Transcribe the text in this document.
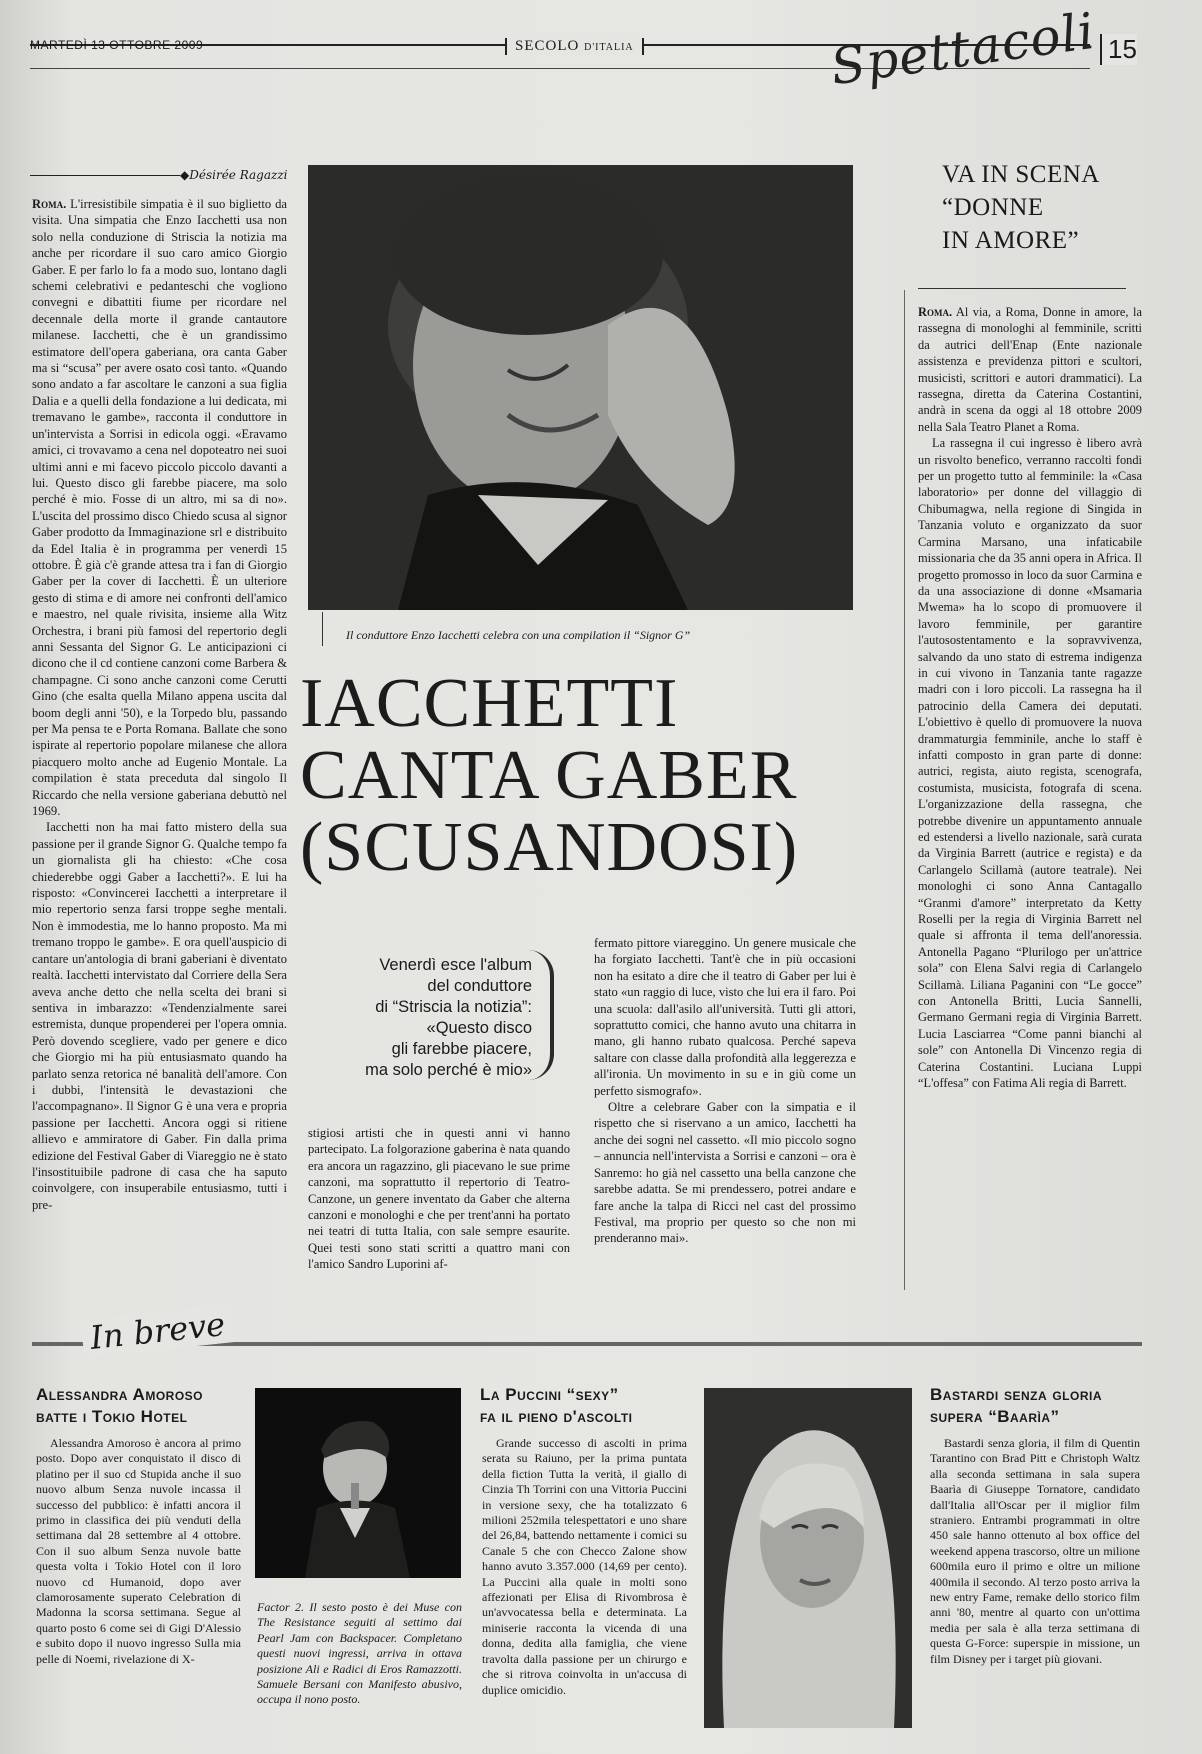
MARTEDÌ 13 OTTOBRE 2009	SECOLO D'ITALIA	Spettacoli 15
◆ Désirée Ragazzi

Roma. L'irresistibile simpatia è il suo biglietto da visita. Una simpatia che Enzo Iacchetti usa non solo nella conduzione di Striscia la notizia ma anche per ricordare il suo caro amico Giorgio Gaber. E per farlo lo fa a modo suo, lontano dagli schemi celebrativi e pedanteschi che vogliono convegni e dibattiti fiume per ricordare nel decennale della morte il grande cantautore milanese. Iacchetti, che è un grandissimo estimatore dell'opera gaberiana, ora canta Gaber ma si “scusa” per avere osato così tanto. «Quando sono andato a far ascoltare le canzoni a sua figlia Dalia e a quelli della fondazione a lui dedicata, mi tremavano le gambe», racconta il conduttore in un'intervista a Sorrisi in edicola oggi. «Eravamo amici, ci trovavamo a cena nel dopoteatro nei suoi ultimi anni e mi facevo piccolo piccolo davanti a lui. Questo disco gli farebbe piacere, ma solo perché è mio. Fosse di un altro, mi sa di no». L'uscita del prossimo disco Chiedo scusa al signor Gaber prodotto da Immaginazione srl e distribuito da Edel Italia è in programma per venerdì 15 ottobre. È già c'è grande attesa tra i fan di Giorgio Gaber per la cover di Iacchetti. È un ulteriore gesto di stima e di amore nei confronti dell'amico e maestro, nel quale rivisita, insieme alla Witz Orchestra, i brani più famosi del repertorio degli anni Sessanta del Signor G. Le anticipazioni ci dicono che il cd contiene canzoni come Barbera & champagne. Ci sono anche canzoni come Cerutti Gino (che esalta quella Milano appena uscita dal boom degli anni '50), e la Torpedo blu, passando per Ma pensa te e Porta Romana. Ballate che sono ispirate al repertorio popolare milanese che allora piacquero molto anche ad Eugenio Montale. La compilation è stata preceduta dal singolo Il Riccardo che nella versione gaberiana debuttò nel 1969.

Iacchetti non ha mai fatto mistero della sua passione per il grande Signor G. Qualche tempo fa un giornalista gli ha chiesto: «Che cosa chiederebbe oggi Gaber a Iacchetti?». E lui ha risposto: «Convincerei Iacchetti a interpretare il mio repertorio senza farsi troppe seghe mentali. Non è immodestia, me lo hanno proposto. Ma mi tremano troppo le gambe». E ora quell'auspicio di cantare un'antologia di brani gaberiani è diventato realtà. Iacchetti intervistato dal Corriere della Sera aveva anche detto che nella scelta dei brani si sentiva in imbarazzo: «Tendenzialmente sarei estremista, dunque propenderei per l'opera omnia. Però dovendo scegliere, vado per genere e dico che Giorgio mi ha più entusiasmato quando ha parlato senza retorica né banalità dell'amore. Con i dubbi, l'intensità le devastazioni che l'accompagnano». Il Signor G è una vera e propria passione per Iacchetti. Ancora oggi si ritiene allievo e ammiratore di Gaber. Fin dalla prima edizione del Festival Gaber di Viareggio ne è stato l'insostituibile padrone di casa che ha saputo coinvolgere, con insuperabile entusiasmo, tutti i pre-

Il conduttore Enzo Iacchetti celebra con una compilation il “Signor G”
IACCHETTI
CANTA GABER
(SCUSANDOSI)
Venerdì esce l'album
del conduttore
di “Striscia la notizia”:
«Questo disco
gli farebbe piacere,
ma solo perché è mio»

stigiosi artisti che in questi anni vi hanno partecipato. La folgorazione gaberina è nata quando era ancora un ragazzino, gli piacevano le sue prime canzoni, ma soprattutto il repertorio di Teatro-Canzone, un genere inventato da Gaber che alterna canzoni e monologhi e che per trent'anni ha portato nei teatri di tutta Italia, con sale sempre esaurite. Quei testi sono stati scritti a quattro mani con l'amico Sandro Luporini af-

fermato pittore viareggino. Un genere musicale che ha forgiato Iacchetti. Tant'è che in più occasioni non ha esitato a dire che il teatro di Gaber per lui è stato «un raggio di luce, visto che lui era il faro. Poi una scuola: dall'asilo all'università. Tutti gli attori, soprattutto comici, che hanno avuto una chitarra in mano, gli hanno rubato qualcosa. Perché sapeva saltare con classe dalla profondità alla leggerezza e all'ironia. Un movimento in su e in giù come un perfetto sismografo».

Oltre a celebrare Gaber con la simpatia e il rispetto che si riservano a un amico, Iacchetti ha anche dei sogni nel cassetto. «Il mio piccolo sogno – annuncia nell'intervista a Sorrisi e canzoni – ora è Sanremo: ho già nel cassetto una bella canzone che sarebbe adatta. Se mi prendessero, potrei andare e fare anche la talpa di Ricci nel cast del prossimo Festival, ma proprio per questo so che non mi prenderanno mai».

VA IN SCENA
“DONNE
IN AMORE”

Roma. Al via, a Roma, Donne in amore, la rassegna di monologhi al femminile, scritti da autrici dell'Enap (Ente nazionale assistenza e previdenza pittori e scultori, musicisti, scrittori e autori drammatici). La rassegna, diretta da Caterina Costantini, andrà in scena da oggi al 18 ottobre 2009 nella Sala Teatro Planet a Roma.

La rassegna il cui ingresso è libero avrà un risvolto benefico, verranno raccolti fondi per un progetto tutto al femminile: la «Casa laboratorio» per donne del villaggio di Chibumagwa, nella regione di Singida in Tanzania voluto e organizzato da suor Carmina Marsano, una infaticabile missionaria che da 35 anni opera in Africa. Il progetto promosso in loco da suor Carmina e da una associazione di donne «Msamaria Mwema» ha lo scopo di promuovere il lavoro femminile, per garantire l'autosostentamento e la sopravvivenza, salvando da uno stato di estrema indigenza in cui vivono in Tanzania tante ragazze madri con i loro piccoli. La rassegna ha il patrocinio della Camera dei deputati. L'obiettivo è quello di promuovere la nuova drammaturgia femminile, anche lo staff è infatti composto in gran parte di donne: autrici, regista, aiuto regista, scenografa, costumista, musicista, fotografa di scena. L'organizzazione della rassegna, che potrebbe divenire un appuntamento annuale ed estendersi a livello nazionale, sarà curata da Virginia Barrett (autrice e regista) e da Carlangelo Scillamà (autore teatrale). Nei monologhi ci sono Anna Cantagallo “Granmi d'amore” interpretato da Ketty Roselli per la regia di Virginia Barrett nel quale si affronta il tema dell'anoressia. Antonella Pagano “Plurilogo per un'attrice sola” con Elena Salvi regia di Carlangelo Scillamà. Liliana Paganini con “Le gocce” con Antonella Britti, Lucia Sannelli, Germano Germani regia di Virginia Barrett. Lucia Lasciarrea “Come panni bianchi al sole” con Antonella Di Vincenzo regia di Caterina Costantini. Luciana Luppi “L'offesa” con Fatima Ali regia di Barrett.

In breve
Alessandra Amoroso
batte i Tokio Hotel

Alessandra Amoroso è ancora al primo posto. Dopo aver conquistato il disco di platino per il suo cd Stupida anche il suo nuovo album Senza nuvole incassa il successo del pubblico: è infatti ancora il primo in classifica dei più venduti della settimana dal 28 settembre al 4 ottobre. Con il suo album Senza nuvole batte questa volta i Tokio Hotel con il loro nuovo cd Humanoid, dopo aver clamorosamente superato Celebration di Madonna la scorsa settimana. Segue al quarto posto 6 come sei di Gigi D'Alessio e subito dopo il nuovo ingresso Sulla mia pelle di Noemi, rivelazione di X-

Factor 2. Il sesto posto è dei Muse con The Resistance seguiti al settimo dai Pearl Jam con Backspacer. Completano questi nuovi ingressi, arriva in ottava posizione Ali e Radici di Eros Ramazzotti. Samuele Bersani con Manifesto abusivo, occupa il nono posto.

La Puccini “sexy”
fa il pieno d'ascolti

Grande successo di ascolti in prima serata su Raiuno, per la prima puntata della fiction Tutta la verità, il giallo di Cinzia Th Torrini con una Vittoria Puccini in versione sexy, che ha totalizzato 6 milioni 252mila telespettatori e uno share del 26,84, battendo nettamente i comici su Canale 5 che con Checco Zalone show hanno avuto 3.357.000 (14,69 per cento). La Puccini alla quale in molti sono affezionati per Elisa di Rivombrosa è un'avvocatessa bella e determinata. La miniserie racconta la vicenda di una donna, dedita alla famiglia, che viene travolta dalla passione per un chirurgo e che si ritrova coinvolta in un'accusa di duplice omicidio.

Bastardi senza gloria
supera “Baarìa”

Bastardi senza gloria, il film di Quentin Tarantino con Brad Pitt e Christoph Waltz alla seconda settimana in sala supera Baarìa di Giuseppe Tornatore, candidato dall'Italia all'Oscar per il miglior film straniero. Entrambi programmati in oltre 450 sale hanno ottenuto al box office del weekend appena trascorso, oltre un milione 600mila euro il primo e oltre un milione 400mila il secondo. Al terzo posto arriva la new entry Fame, remake dello storico film anni '80, mentre al quarto con un'ottima media per sala è alla terza settimana di questa G-Force: superspie in missione, un film Disney per i target più giovani.
